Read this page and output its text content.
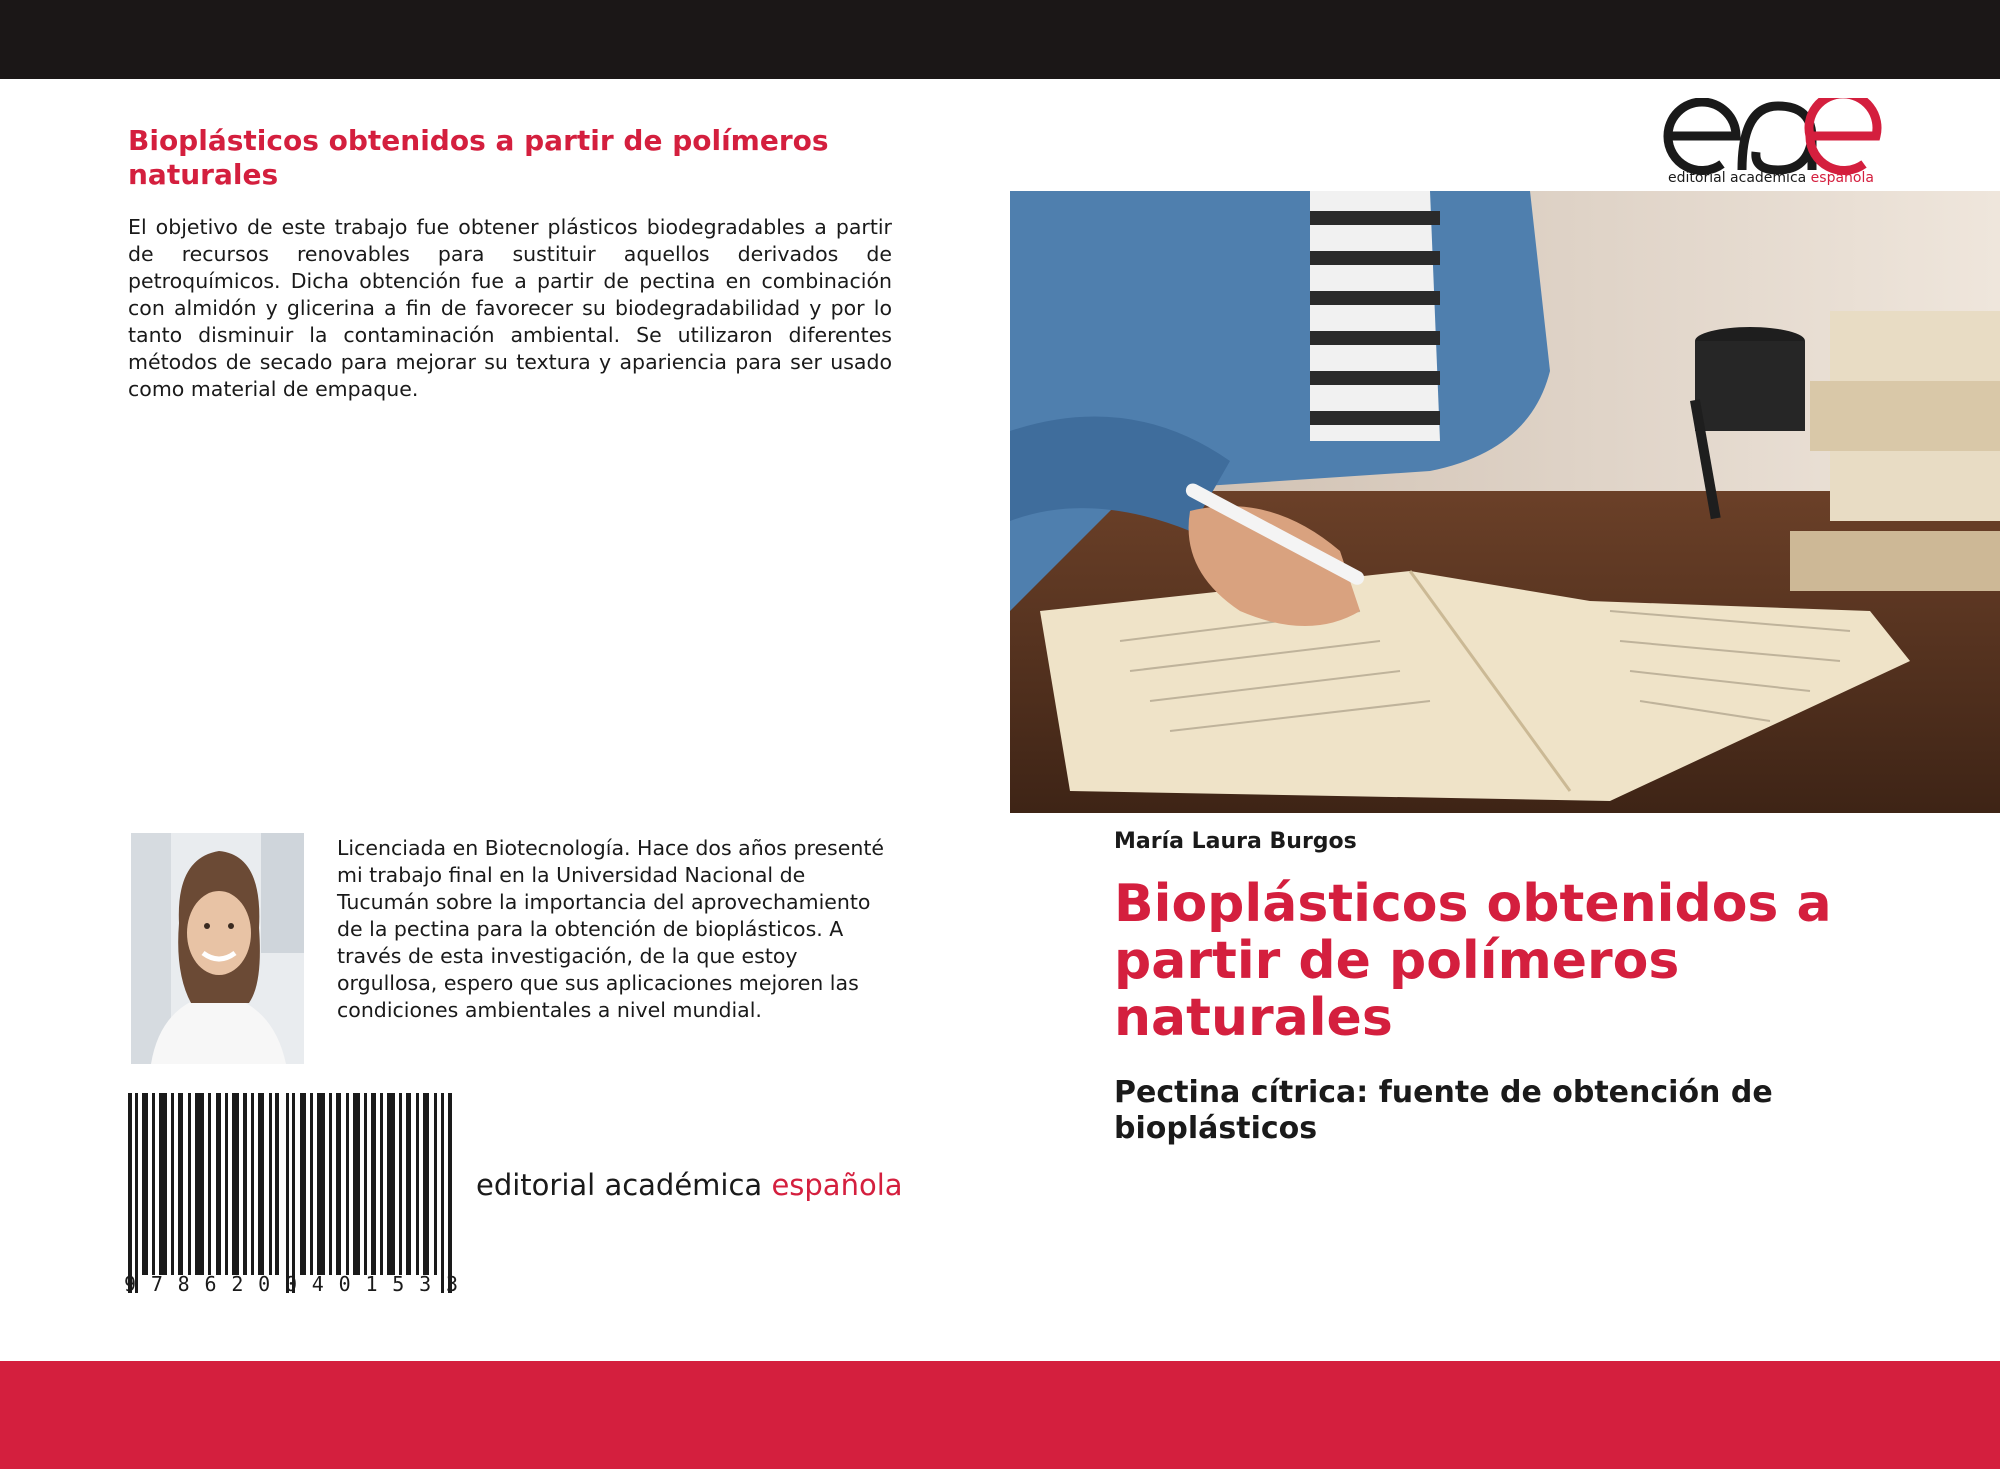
Bioplásticos obtenidos a partir de polímeros naturales
El objetivo de este trabajo fue obtener plásticos biodegradables a partir de recursos renovables para sustituir aquellos derivados de petroquímicos. Dicha obtención fue a partir de pectina en combinación con almidón y glicerina a fin de favorecer su biodegradabilidad y por lo tanto disminuir la contaminación ambiental. Se utilizaron diferentes métodos de secado para mejorar su textura y apariencia para ser usado como material de empaque.
Licenciada en Biotecnología. Hace dos años presenté mi trabajo final en la Universidad Nacional de Tucumán sobre la importancia del aprovechamiento de la pectina para la obtención de bioplásticos. A través de esta investigación, de la que estoy orgullosa, espero que sus aplicaciones mejoren las condiciones ambientales a nivel mundial.
9 7 8 6 2 0 0 4 0 1 5 3 3
editorial académica española
editorial académica española
María Laura Burgos
Bioplásticos obtenidos a partir de polímeros naturales
Pectina cítrica: fuente de obtención de bioplásticos
